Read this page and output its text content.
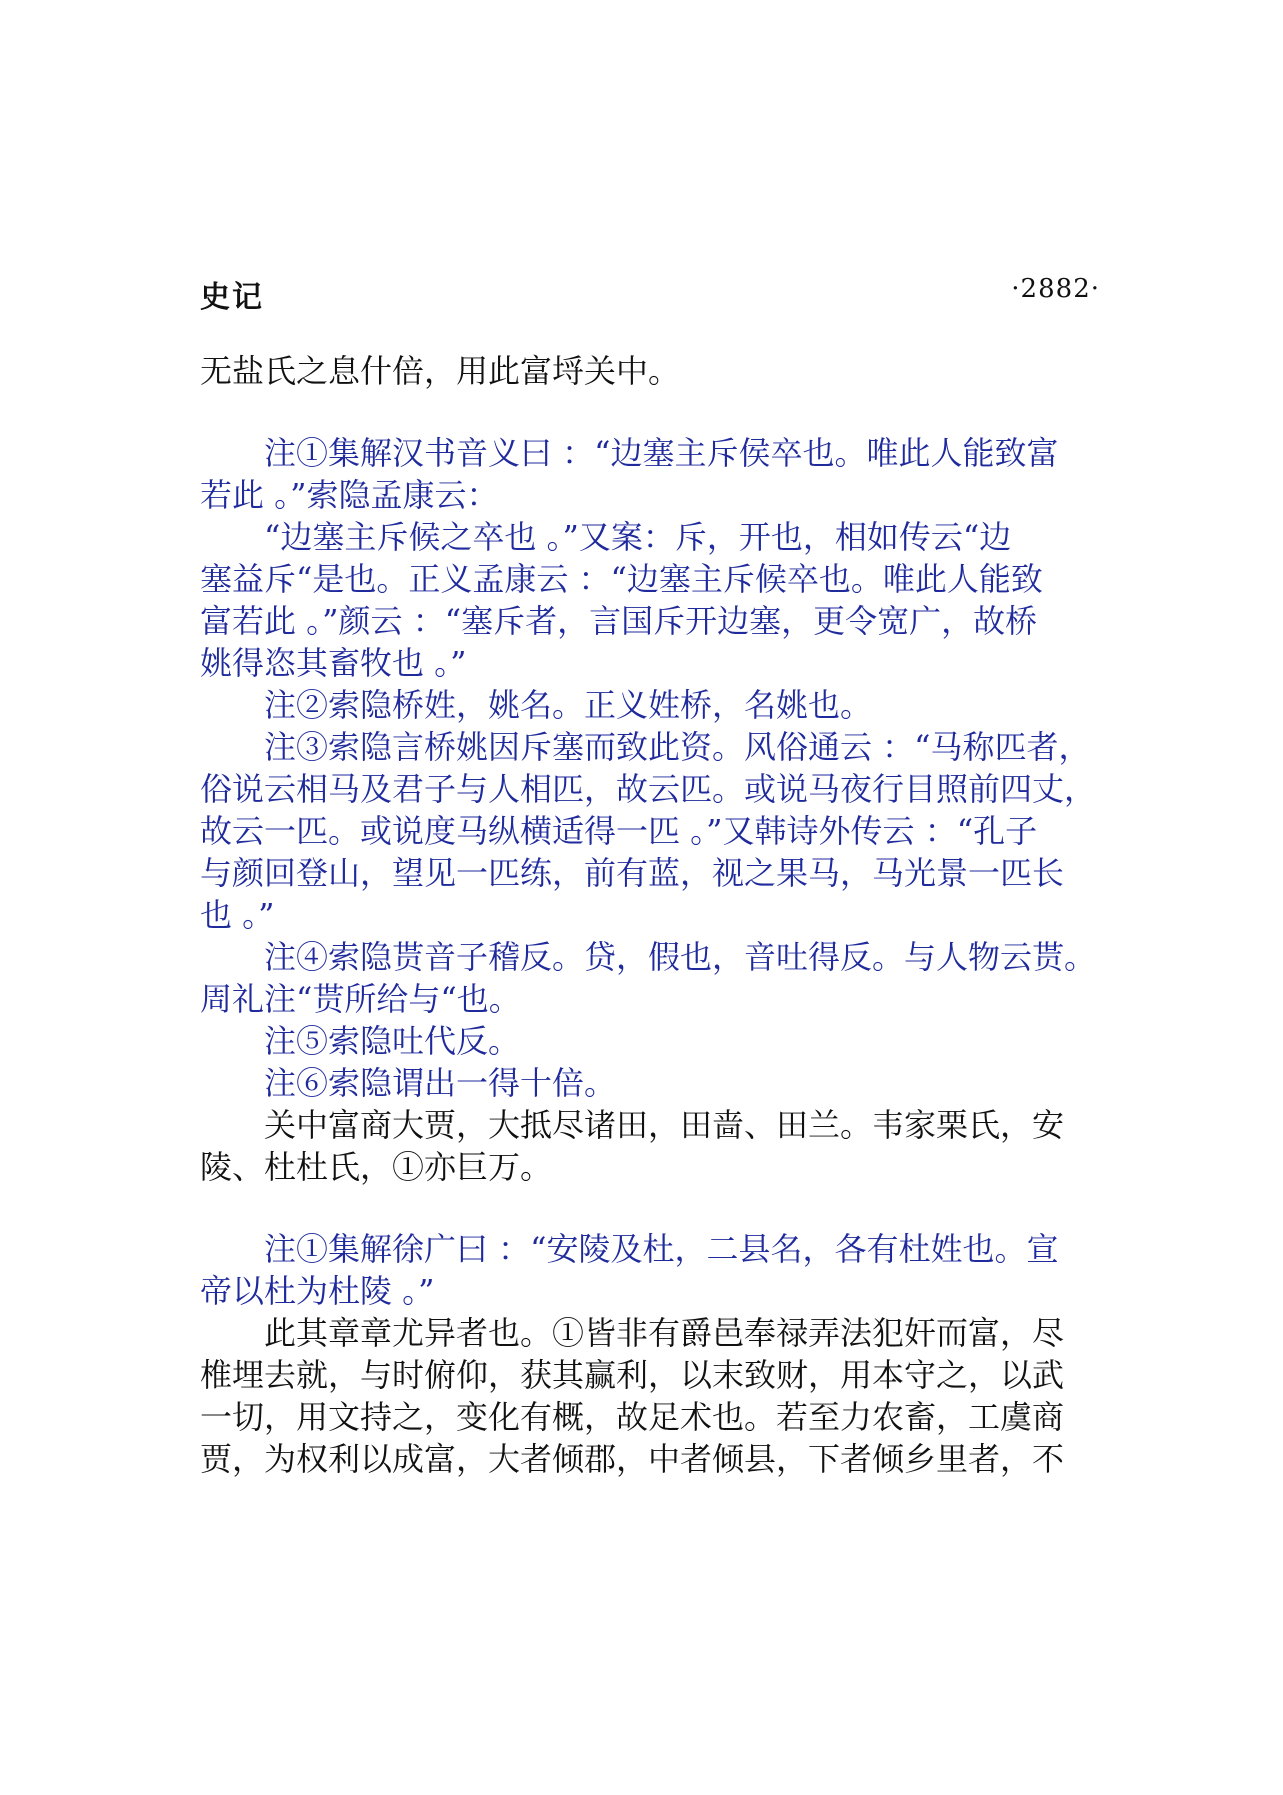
史记	·2882·
无盐氏之息什倍，用此富埒关中。
注①集解汉书音义曰 ：“边塞主斥侯卒也。唯此人能致富
若此 。”索隐孟康云：
“边塞主斥候之卒也 。”又案：斥，开也，相如传云“边
塞益斥“是也。正义孟康云 ：“边塞主斥候卒也。唯此人能致
富若此 。”颜云 ：“塞斥者，言国斥开边塞，更令宽广，故桥
姚得恣其畜牧也 。”
注②索隐桥姓，姚名。正义姓桥，名姚也。
注③索隐言桥姚因斥塞而致此资。风俗通云 ：“马称匹者，
俗说云相马及君子与人相匹，故云匹。或说马夜行目照前四丈，
故云一匹。或说度马纵横适得一匹 。”又韩诗外传云 ：“孔子
与颜回登山，望见一匹练，前有蓝，视之果马，马光景一匹长
也 。”
注④索隐贳音子稽反。贷，假也，音吐得反。与人物云贳。
周礼注“贳所给与“也。
注⑤索隐吐代反。
注⑥索隐谓出一得十倍。
关中富商大贾，大抵尽诸田，田啬、田兰。韦家栗氏，安
陵、杜杜氏，①亦巨万。
注①集解徐广曰 ：“安陵及杜，二县名，各有杜姓也。宣
帝以杜为杜陵 。”
此其章章尤异者也。①皆非有爵邑奉禄弄法犯奸而富，尽
椎埋去就，与时俯仰，获其赢利，以末致财，用本守之，以武
一切，用文持之，变化有概，故足术也。若至力农畜，工虞商
贾，为权利以成富，大者倾郡，中者倾县，下者倾乡里者，不
